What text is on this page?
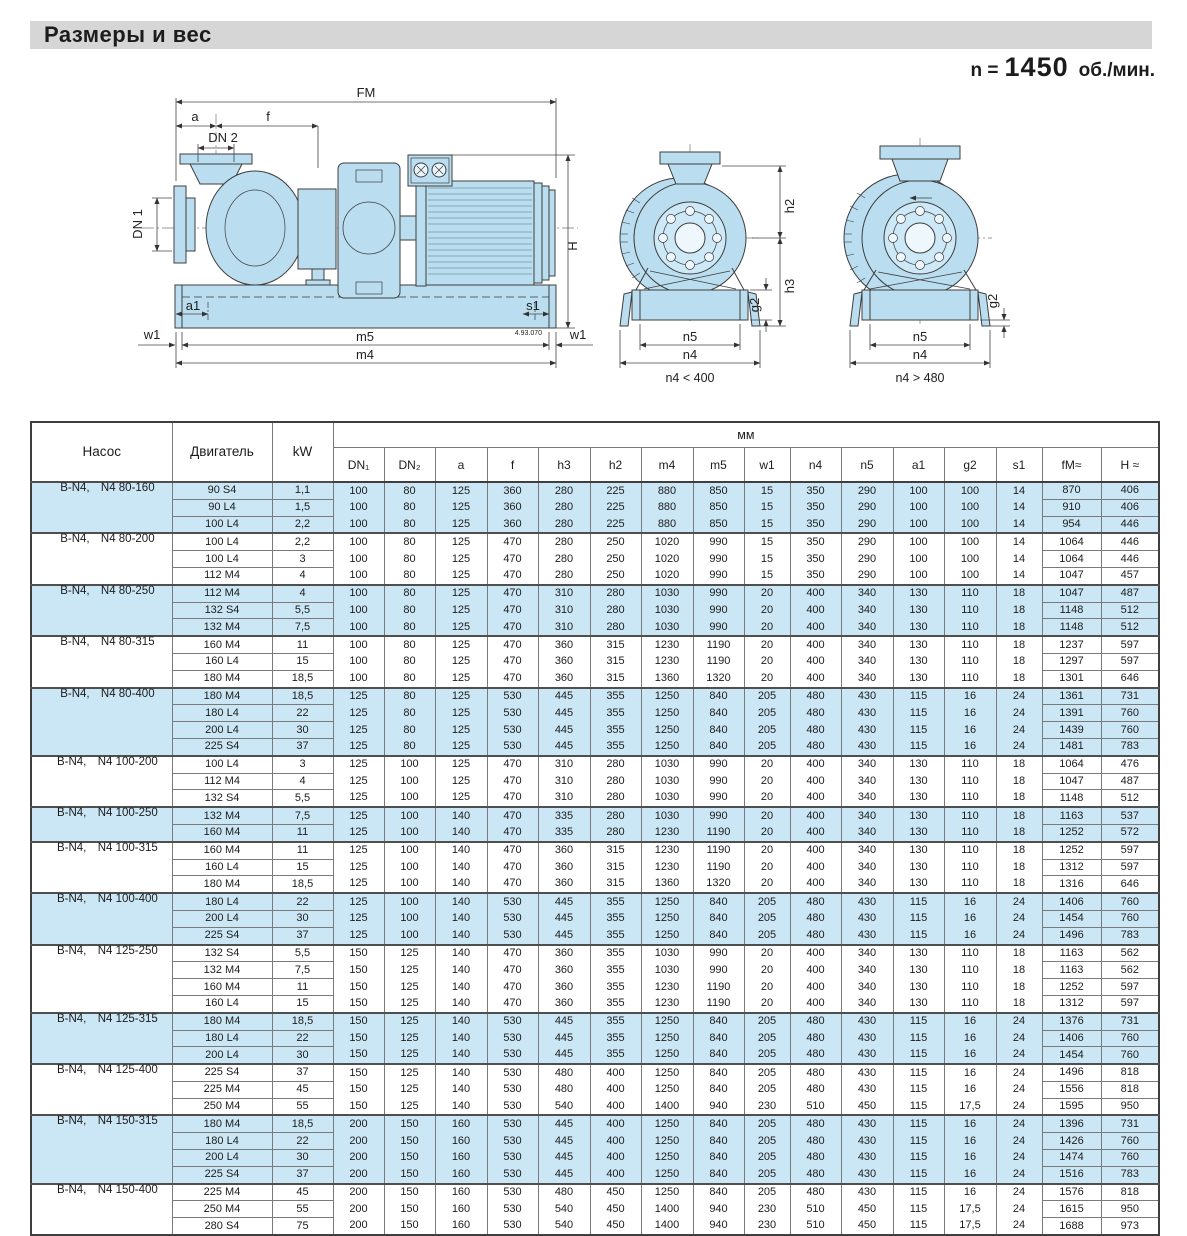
Размеры и вес
n = 1450 об./мин.
FM
a	f
DN 2
DN 1
H
a1	s1
w1	w1
m5
m4
4.93.070
h2
h3
g2
n5
n4
n4 < 400
g2
n5
n4
n4 > 480
Насос	Двигатель	kW	мм															
			DN₁	DN₂	a	f	h3	h2	m4	m5	w1	n4	n5	a1	g2	s1	fM≈	H ≈
B-N4, N4 80-160	90 S4	1,1	100	80	125	360	280	225	880	850	15	350	290	100	100	14	870	406
	90 L4	1,5	100	80	125	360	280	225	880	850	15	350	290	100	100	14	910	406
	100 L4	2,2	100	80	125	360	280	225	880	850	15	350	290	100	100	14	954	446
B-N4, N4 80-200	100 L4	2,2	100	80	125	470	280	250	1020	990	15	350	290	100	100	14	1064	446
	100 L4	3	100	80	125	470	280	250	1020	990	15	350	290	100	100	14	1064	446
	112 M4	4	100	80	125	470	280	250	1020	990	15	350	290	100	100	14	1047	457
B-N4, N4 80-250	112 M4	4	100	80	125	470	310	280	1030	990	20	400	340	130	110	18	1047	487
	132 S4	5,5	100	80	125	470	310	280	1030	990	20	400	340	130	110	18	1148	512
	132 M4	7,5	100	80	125	470	310	280	1030	990	20	400	340	130	110	18	1148	512
B-N4, N4 80-315	160 M4	11	100	80	125	470	360	315	1230	1190	20	400	340	130	110	18	1237	597
	160 L4	15	100	80	125	470	360	315	1230	1190	20	400	340	130	110	18	1297	597
	180 M4	18,5	100	80	125	470	360	315	1360	1320	20	400	340	130	110	18	1301	646
B-N4, N4 80-400	180 M4	18,5	125	80	125	530	445	355	1250	840	205	480	430	115	16	24	1361	731
	180 L4	22	125	80	125	530	445	355	1250	840	205	480	430	115	16	24	1391	760
	200 L4	30	125	80	125	530	445	355	1250	840	205	480	430	115	16	24	1439	760
	225 S4	37	125	80	125	530	445	355	1250	840	205	480	430	115	16	24	1481	783
B-N4, N4 100-200	100 L4	3	125	100	125	470	310	280	1030	990	20	400	340	130	110	18	1064	476
	112 M4	4	125	100	125	470	310	280	1030	990	20	400	340	130	110	18	1047	487
	132 S4	5,5	125	100	125	470	310	280	1030	990	20	400	340	130	110	18	1148	512
B-N4, N4 100-250	132 M4	7,5	125	100	140	470	335	280	1030	990	20	400	340	130	110	18	1163	537
	160 M4	11	125	100	140	470	335	280	1230	1190	20	400	340	130	110	18	1252	572
B-N4, N4 100-315	160 M4	11	125	100	140	470	360	315	1230	1190	20	400	340	130	110	18	1252	597
	160 L4	15	125	100	140	470	360	315	1230	1190	20	400	340	130	110	18	1312	597
	180 M4	18,5	125	100	140	470	360	315	1360	1320	20	400	340	130	110	18	1316	646
B-N4, N4 100-400	180 L4	22	125	100	140	530	445	355	1250	840	205	480	430	115	16	24	1406	760
	200 L4	30	125	100	140	530	445	355	1250	840	205	480	430	115	16	24	1454	760
	225 S4	37	125	100	140	530	445	355	1250	840	205	480	430	115	16	24	1496	783
B-N4, N4 125-250	132 S4	5,5	150	125	140	470	360	355	1030	990	20	400	340	130	110	18	1163	562
	132 M4	7,5	150	125	140	470	360	355	1030	990	20	400	340	130	110	18	1163	562
	160 M4	11	150	125	140	470	360	355	1230	1190	20	400	340	130	110	18	1252	597
	160 L4	15	150	125	140	470	360	355	1230	1190	20	400	340	130	110	18	1312	597
B-N4, N4 125-315	180 M4	18,5	150	125	140	530	445	355	1250	840	205	480	430	115	16	24	1376	731
	180 L4	22	150	125	140	530	445	355	1250	840	205	480	430	115	16	24	1406	760
	200 L4	30	150	125	140	530	445	355	1250	840	205	480	430	115	16	24	1454	760
B-N4, N4 125-400	225 S4	37	150	125	140	530	480	400	1250	840	205	480	430	115	16	24	1496	818
	225 M4	45	150	125	140	530	480	400	1250	840	205	480	430	115	16	24	1556	818
	250 M4	55	150	125	140	530	540	400	1400	940	230	510	450	115	17,5	24	1595	950
B-N4, N4 150-315	180 M4	18,5	200	150	160	530	445	400	1250	840	205	480	430	115	16	24	1396	731
	180 L4	22	200	150	160	530	445	400	1250	840	205	480	430	115	16	24	1426	760
	200 L4	30	200	150	160	530	445	400	1250	840	205	480	430	115	16	24	1474	760
	225 S4	37	200	150	160	530	445	400	1250	840	205	480	430	115	16	24	1516	783
B-N4, N4 150-400	225 M4	45	200	150	160	530	480	450	1250	840	205	480	430	115	16	24	1576	818
	250 M4	55	200	150	160	530	540	450	1400	940	230	510	450	115	17,5	24	1615	950
	280 S4	75	200	150	160	530	540	450	1400	940	230	510	450	115	17,5	24	1688	973
